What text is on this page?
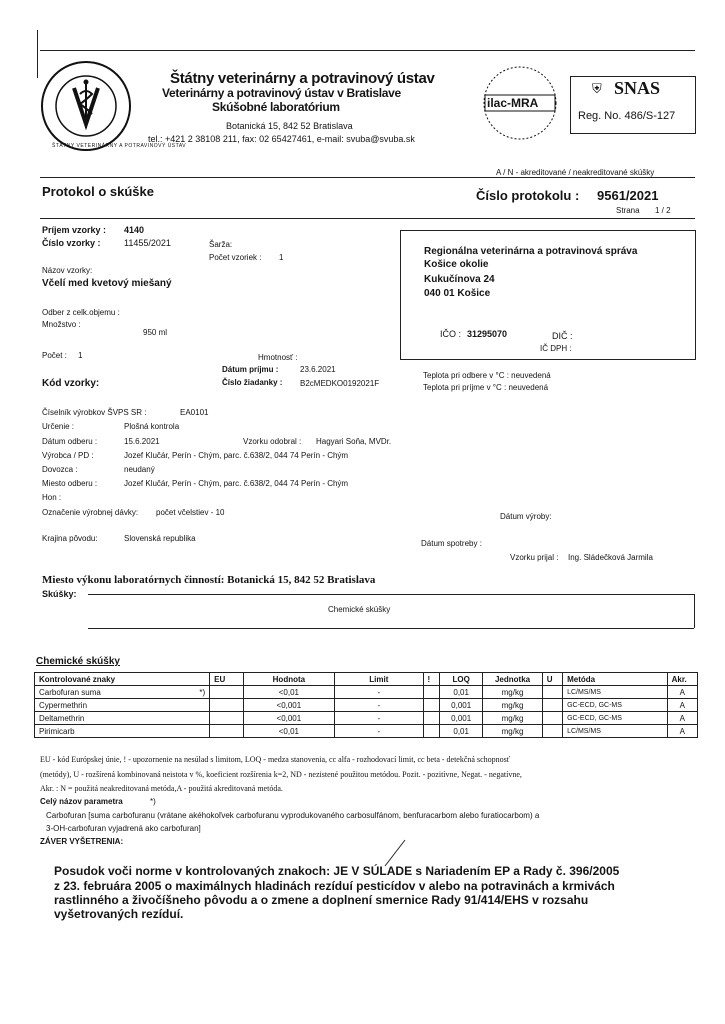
ŠTÁTNY VETERINÁRNY A POTRAVINOVÝ ÚSTAV
Štátny veterinárny a potravinový ústav
Veterinárny a potravinový ústav v Bratislave
Skúšobné laboratórium
Botanická 15, 842 52 Bratislava
tel.: +421 2 38108 211, fax: 02 65427461, e-mail: svuba@svuba.sk
ilac-MRA
⛨ SNAS
Reg. No. 486/S-127
A / N - akreditované / neakreditované skúšky
Protokol o skúške	Číslo protokolu : 9561/2021
Strana 1 / 2
Príjem vzorky : 4140
Číslo vzorky :	11455/2021	Šarža:
Počet vzoriek : 1
Názov vzorky:
Včelí med kvetový miešaný
Odber z celk.objemu :
Množstvo :
950 ml
Počet : 1	Hmotnosť :
Dátum príjmu :	23.6.2021
Číslo žiadanky : B2cMEDKO0192021F
Kód vzorky:
Teplota pri odbere v °C : neuvedená
Teplota pri príjme v °C : neuvedená
Regionálna veterinárna a potravinová správa
Košice okolie
Kukučínova 24
040 01 Košice
IČO : 31295070	DIČ :
IČ DPH :
Číselník výrobkov ŠVPS SR :	EA0101
Určenie :	Plošná kontrola
Dátum odberu :	15.6.2021	Vzorku odobral : Hagyari Soňa, MVDr.
Výrobca / PD :	Jozef Klučár, Perín - Chým, parc. č.638/2, 044 74 Perín - Chým
Dovozca :	neudaný
Miesto odberu :	Jozef Klučár, Perín - Chým, parc. č.638/2, 044 74 Perín - Chým
Hon :
Označenie výrobnej dávky: počet včelstiev - 10	Dátum výroby:
Krajina pôvodu:	Slovenská republika
Dátum spotreby :
Vzorku prijal : Ing. Sládečková Jarmila
Miesto výkonu laboratórnych činností: Botanická 15, 842 52 Bratislava
Skúšky:
Chemické skúšky
Chemické skúšky
Kontrolované znaky	EU	Hodnota	Limit	!	LOQ	Jednotka	U	Metóda	Akr.
Carbofuran suma *)		<0,01	-		0,01	mg/kg		LC/MS/MS	A
Cypermethrin		<0,001	-		0,001	mg/kg		GC-ECD, GC-MS	A
Deltamethrin		<0,001	-		0,001	mg/kg		GC-ECD, GC-MS	A
Pirimicarb		<0,01	-		0,01	mg/kg		LC/MS/MS	A
EU - kód Európskej únie, ! - upozornenie na nesúlad s limitom, LOQ - medza stanovenia, cc alfa - rozhodovací limit, cc beta - detekčná schopnosť
(metódy), U - rozšírená kombinovaná neistota v %, koeficient rozšírenia k=2, ND - nezistené použitou metódou. Pozit. - pozitívne, Negat. - negatívne,
Akr. : N = použitá neakreditovaná metóda,A - použitá akreditovaná metóda.
Celý názov parametra	*)
Carbofuran [suma carbofuranu (vrátane akéhokoľvek carbofuranu vyprodukovaného carbosulfánom, benfuracarbom alebo furatiocarbom) a
3-OH-carbofuran vyjadrená ako carbofuran]
ZÁVER VYŠETRENIA:
Posudok voči norme v kontrolovaných znakoch: JE V SÚLADE s Nariadením EP a Rady č. 396/2005
z 23. februára 2005 o maximálnych hladinách rezíduí pesticídov v alebo na potravinách a krmivách
rastlinného a živočíšneho pôvodu a o zmene a doplnení smernice Rady 91/414/EHS v rozsahu
vyšetrovaných rezíduí.
